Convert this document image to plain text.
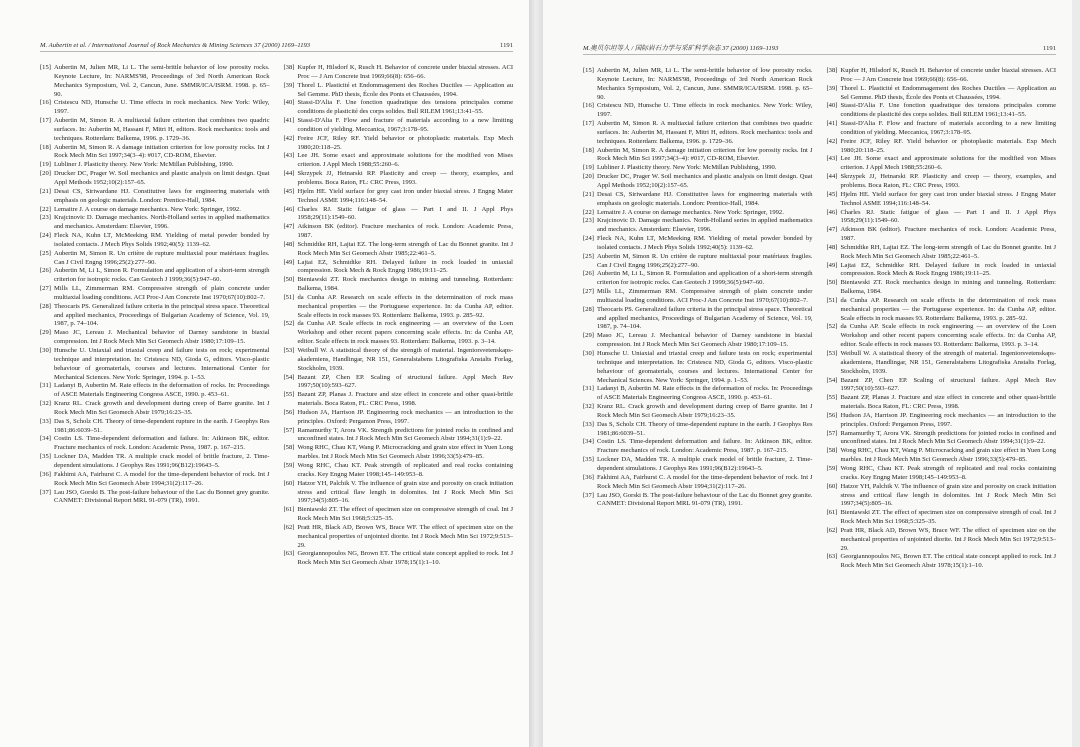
M. Aubertin et al. / International Journal of Rock Mechanics & Mining Sciences 37 (2000) 1169–1193	1191

[15] Aubertin M, Julien MR, Li L. The semi-brittle behavior of low porosity rocks. Keynote Lecture, In: NARMS'98, Proceedings of 3rd North American Rock Mechanics Symposium, Vol. 2, Cancun, June. SMMR/ICA/ISRM. 1998. p. 65–90.

[16] Cristescu ND, Hunsche U. Time effects in rock mechanics. New York: Wiley, 1997.

[17] Aubertin M, Simon R. A multiaxial failure criterion that combines two quadric surfaces. In: Aubertin M, Hassani F, Mitri H, editors. Rock mechanics: tools and techniques. Rotterdam: Balkema, 1996. p. 1729–36.

[18] Aubertin M, Simon R. A damage initiation criterion for low porosity rocks. Int J Rock Mech Min Sci 1997;34(3–4): #017, CD-ROM, Elsevier.

[19] Lubliner J. Plasticity theory. New York: McMillan Publishing, 1990.

[20] Drucker DC, Prager W. Soil mechanics and plastic analysis on limit design. Quat Appl Methods 1952;10(2):157–65.

[21] Desai CS, Siriwardane HJ. Constitutive laws for engineering materials with emphasis on geologic materials. London: Prentice-Hall, 1984.

[22] Lemaitre J. A course on damage mechanics. New York: Springer, 1992.

[23] Krajcinovic D. Damage mechanics. North-Holland series in applied mathematics and mechanics. Amsterdam: Elsevier, 1996.

[24] Fleck NA, Kuhn LT, McMeeking RM. Yielding of metal powder bonded by isolated contacts. J Mech Phys Solids 1992;40(5): 1139–62.

[25] Aubertin M, Simon R. Un critère de rupture multiaxial pour matériaux fragiles. Can J Civil Engng 1996;25(2):277–90.

[26] Aubertin M, Li L, Simon R. Formulation and application of a short-term strength criterion for isotropic rocks. Can Geotech J 1999;36(5):947–60.

[27] Mills LL, Zimmerman RM. Compressive strength of plain concrete under multiaxial loading conditions. ACI Proc-J Am Concrete Inst 1970;67(10):802–7.

[28] Theocaris PS. Generalized failure criteria in the principal stress space. Theoretical and applied mechanics, Proceedings of Bulgarian Academy of Science, Vol. 19, 1987, p. 74–104.

[29] Maso JC, Lereau J. Mechanical behavior of Darney sandstone in biaxial compression. Int J Rock Mech Min Sci Geomech Abstr 1980;17:109–15.

[30] Hunsche U. Uniaxial and triaxial creep and failure tests on rock; experimental technique and interpretation. In: Cristescu ND, Gioda G, editors. Visco-plastic behaviour of geomaterials, courses and lectures. International Center for Mechanical Sciences. New York: Springer, 1994. p. 1–53.

[31] Ladanyi B, Aubertin M. Rate effects in the deformation of rocks. In: Proceedings of ASCE Materials Engineering Congress ASCE, 1990. p. 453–61.

[32] Kranz RL. Crack growth and development during creep of Barre granite. Int J Rock Mech Min Sci Geomech Abstr 1979;16:23–35.

[33] Das S, Scholz CH. Theory of time-dependent rupture in the earth. J Geophys Res 1981;86:6039–51.

[34] Costin LS. Time-dependent deformation and failure. In: Atkinson BK, editor. Fracture mechanics of rock. London: Academic Press, 1987. p. 167–215.

[35] Lockner DA, Madden TR. A multiple crack model of brittle fracture, 2. Time-dependent simulations. J Geophys Res 1991;96(B12):19643–5.

[36] Fakhimi AA, Fairhurst C. A model for the time-dependent behavior of rock. Int J Rock Mech Min Sci Geomech Abstr 1994;31(2):117–26.

[37] Lau JSO, Gorski B. The post-failure behaviour of the Lac du Bonnet grey granite. CANMET: Divisional Report MRL 91-079 (TR), 1991.

[38] Kupfer H, Hilsdorf K, Rusch H. Behavior of concrete under biaxial stresses. ACI Proc — J Am Concrete Inst 1969;66(8): 656–66.

[39] Thorel L. Plasticité et Endommagement des Roches Ductiles — Application au Sel Gemme. PhD thesis, École des Ponts et Chaussées, 1994.

[40] Stassi-D'Alia F. Une fonction quadratique des tensions principales comme conditions de plasticité des corps solides. Bull RILEM 1961;13:41–55.

[41] Stassi-D'Alia F. Flow and fracture of materials according to a new limiting condition of yielding. Meccanica, 1967;3:178–95.

[42] Freire JCF, Riley RF. Yield behavior or photoplastic materials. Exp Mech 1980;20:118–25.

[43] Lee JH. Some exact and approximate solutions for the modified von Mises criterion. J Appl Mech 1988;55:260–6.

[44] Skrzypek JJ, Hetnarski RP. Plasticity and creep — theory, examples, and problems. Boca Raton, FL: CRC Press, 1993.

[45] Hjelm HE. Yield surface for grey cast iron under biaxial stress. J Engng Mater Technol ASME 1994;116:148–54.

[46] Charles RJ. Static fatigue of glass — Part I and II. J Appl Phys 1958;29(11):1549–60.

[47] Atkinson BK (editor). Fracture mechanics of rock. London: Academic Press, 1987.

[48] Schmidtke RH, Lajtai EZ. The long-term strength of Lac du Bonnet granite. Int J Rock Mech Min Sci Geomech Abstr 1985;22:461–5.

[49] Lajtai EZ, Schmidtke RH. Delayed failure in rock loaded in uniaxial compression. Rock Mech & Rock Engng 1986;19:11–25.

[50] Bieniawski ZT. Rock mechanics design in mining and tunneling. Rotterdam: Balkema, 1984.

[51] da Cunha AP. Research on scale effects in the determination of rock mass mechanical properties — the Portuguese experience. In: da Cunha AP, editor. Scale effects in rock masses 93. Rotterdam: Balkema, 1993. p. 285–92.

[52] da Cunha AP. Scale effects in rock engineering — an overview of the Loen Workshop and other recent papers concerning scale effects. In: da Cunha AP, editor. Scale effects in rock masses 93. Rotterdam: Balkema, 1993. p. 3–14.

[53] Weibull W. A statistical theory of the strength of material. Ingeniorsvetenskaps-akademiens, Handlingar, NR 151, Generalstabens Litografiska Anstalts Forlag, Stockholm, 1939.

[54] Bazant ZP, Chen EP. Scaling of structural failure. Appl Mech Rev 1997;50(10):593–627.

[55] Bazant ZP, Planas J. Fracture and size effect in concrete and other quasi-brittle materials. Boca Raton, FL: CRC Press, 1998.

[56] Hudson JA, Harrison JP. Engineering rock mechanics — an introduction to the principles. Oxford: Pergamon Press, 1997.

[57] Ramamurthy T, Arora VK. Strength predictions for jointed rocks in confined and unconfined states. Int J Rock Mech Min Sci Geomech Abstr 1994;31(1):9–22.

[58] Wong RHC, Chau KT, Wang P. Microcracking and grain size effect in Yuen Long marbles. Int J Rock Mech Min Sci Geomech Abstr 1996;33(5):479–85.

[59] Wong RHC, Chau KT. Peak strength of replicated and real rocks containing cracks. Key Engng Mater 1998;145–149:953–8.

[60] Hatzor YH, Palchik V. The influence of grain size and porosity on crack initiation stress and critical flaw length in dolomites. Int J Rock Mech Min Sci 1997;34(5):805–16.

[61] Bieniawski ZT. The effect of specimen size on compressive strength of coal. Int J Rock Mech Min Sci 1968;5:325–35.

[62] Pratt HR, Black AD, Brown WS, Brace WF. The effect of specimen size on the mechanical properties of unjointed diorite. Int J Rock Mech Min Sci 1972;9:513–29.

[63] Georgiannopoulos NG, Brown ET. The critical state concept applied to rock. Int J Rock Mech Min Sci Geomech Abstr 1978;15(1):1–10.

M.奥贝尔坦等人 / 国际岩石力学与采矿科学杂志 37 (2000) 1169–1193	1191

[15] Aubertin M, Julien MR, Li L. The semi-brittle behavior of low porosity rocks. Keynote Lecture, In: NARMS'98, Proceedings of 3rd North American Rock Mechanics Symposium, Vol. 2, Cancun, June. SMMR/ICA/ISRM. 1998. p. 65–90.

[16] Cristescu ND, Hunsche U. Time effects in rock mechanics. New York: Wiley, 1997.

[17] Aubertin M, Simon R. A multiaxial failure criterion that combines two quadric surfaces. In: Aubertin M, Hassani F, Mitri H, editors. Rock mechanics: tools and techniques. Rotterdam: Balkema, 1996. p. 1729–36.

[18] Aubertin M, Simon R. A damage initiation criterion for low porosity rocks. Int J Rock Mech Min Sci 1997;34(3–4): #017, CD-ROM, Elsevier.

[19] Lubliner J. Plasticity theory. New York: McMillan Publishing, 1990.

[20] Drucker DC, Prager W. Soil mechanics and plastic analysis on limit design. Quat Appl Methods 1952;10(2):157–65.

[21] Desai CS, Siriwardane HJ. Constitutive laws for engineering materials with emphasis on geologic materials. London: Prentice-Hall, 1984.

[22] Lemaitre J. A course on damage mechanics. New York: Springer, 1992.

[23] Krajcinovic D. Damage mechanics. North-Holland series in applied mathematics and mechanics. Amsterdam: Elsevier, 1996.

[24] Fleck NA, Kuhn LT, McMeeking RM. Yielding of metal powder bonded by isolated contacts. J Mech Phys Solids 1992;40(5): 1139–62.

[25] Aubertin M, Simon R. Un critère de rupture multiaxial pour matériaux fragiles. Can J Civil Engng 1996;25(2):277–90.

[26] Aubertin M, Li L, Simon R. Formulation and application of a short-term strength criterion for isotropic rocks. Can Geotech J 1999;36(5):947–60.

[27] Mills LL, Zimmerman RM. Compressive strength of plain concrete under multiaxial loading conditions. ACI Proc-J Am Concrete Inst 1970;67(10):802–7.

[28] Theocaris PS. Generalized failure criteria in the principal stress space. Theoretical and applied mechanics, Proceedings of Bulgarian Academy of Science, Vol. 19, 1987, p. 74–104.

[29] Maso JC, Lereau J. Mechanical behavior of Darney sandstone in biaxial compression. Int J Rock Mech Min Sci Geomech Abstr 1980;17:109–15.

[30] Hunsche U. Uniaxial and triaxial creep and failure tests on rock; experimental technique and interpretation. In: Cristescu ND, Gioda G, editors. Visco-plastic behaviour of geomaterials, courses and lectures. International Center for Mechanical Sciences. New York: Springer, 1994. p. 1–53.

[31] Ladanyi B, Aubertin M. Rate effects in the deformation of rocks. In: Proceedings of ASCE Materials Engineering Congress ASCE, 1990. p. 453–61.

[32] Kranz RL. Crack growth and development during creep of Barre granite. Int J Rock Mech Min Sci Geomech Abstr 1979;16:23–35.

[33] Das S, Scholz CH. Theory of time-dependent rupture in the earth. J Geophys Res 1981;86:6039–51.

[34] Costin LS. Time-dependent deformation and failure. In: Atkinson BK, editor. Fracture mechanics of rock. London: Academic Press, 1987. p. 167–215.

[35] Lockner DA, Madden TR. A multiple crack model of brittle fracture, 2. Time-dependent simulations. J Geophys Res 1991;96(B12):19643–5.

[36] Fakhimi AA, Fairhurst C. A model for the time-dependent behavior of rock. Int J Rock Mech Min Sci Geomech Abstr 1994;31(2):117–26.

[37] Lau JSO, Gorski B. The post-failure behaviour of the Lac du Bonnet grey granite. CANMET: Divisional Report MRL 91-079 (TR), 1991.

[38] Kupfer H, Hilsdorf K, Rusch H. Behavior of concrete under biaxial stresses. ACI Proc — J Am Concrete Inst 1969;66(8): 656–66.

[39] Thorel L. Plasticité et Endommagement des Roches Ductiles — Application au Sel Gemme. PhD thesis, École des Ponts et Chaussées, 1994.

[40] Stassi-D'Alia F. Une fonction quadratique des tensions principales comme conditions de plasticité des corps solides. Bull RILEM 1961;13:41–55.

[41] Stassi-D'Alia F. Flow and fracture of materials according to a new limiting condition of yielding. Meccanica, 1967;3:178–95.

[42] Freire JCF, Riley RF. Yield behavior or photoplastic materials. Exp Mech 1980;20:118–25.

[43] Lee JH. Some exact and approximate solutions for the modified von Mises criterion. J Appl Mech 1988;55:260–6.

[44] Skrzypek JJ, Hetnarski RP. Plasticity and creep — theory, examples, and problems. Boca Raton, FL: CRC Press, 1993.

[45] Hjelm HE. Yield surface for grey cast iron under biaxial stress. J Engng Mater Technol ASME 1994;116:148–54.

[46] Charles RJ. Static fatigue of glass — Part I and II. J Appl Phys 1958;29(11):1549–60.

[47] Atkinson BK (editor). Fracture mechanics of rock. London: Academic Press, 1987.

[48] Schmidtke RH, Lajtai EZ. The long-term strength of Lac du Bonnet granite. Int J Rock Mech Min Sci Geomech Abstr 1985;22:461–5.

[49] Lajtai EZ, Schmidtke RH. Delayed failure in rock loaded in uniaxial compression. Rock Mech & Rock Engng 1986;19:11–25.

[50] Bieniawski ZT. Rock mechanics design in mining and tunneling. Rotterdam: Balkema, 1984.

[51] da Cunha AP. Research on scale effects in the determination of rock mass mechanical properties — the Portuguese experience. In: da Cunha AP, editor. Scale effects in rock masses 93. Rotterdam: Balkema, 1993. p. 285–92.

[52] da Cunha AP. Scale effects in rock engineering — an overview of the Loen Workshop and other recent papers concerning scale effects. In: da Cunha AP, editor. Scale effects in rock masses 93. Rotterdam: Balkema, 1993. p. 3–14.

[53] Weibull W. A statistical theory of the strength of material. Ingeniorsvetenskaps-akademiens, Handlingar, NR 151, Generalstabens Litografiska Anstalts Forlag, Stockholm, 1939.

[54] Bazant ZP, Chen EP. Scaling of structural failure. Appl Mech Rev 1997;50(10):593–627.

[55] Bazant ZP, Planas J. Fracture and size effect in concrete and other quasi-brittle materials. Boca Raton, FL: CRC Press, 1998.

[56] Hudson JA, Harrison JP. Engineering rock mechanics — an introduction to the principles. Oxford: Pergamon Press, 1997.

[57] Ramamurthy T, Arora VK. Strength predictions for jointed rocks in confined and unconfined states. Int J Rock Mech Min Sci Geomech Abstr 1994;31(1):9–22.

[58] Wong RHC, Chau KT, Wang P. Microcracking and grain size effect in Yuen Long marbles. Int J Rock Mech Min Sci Geomech Abstr 1996;33(5):479–85.

[59] Wong RHC, Chau KT. Peak strength of replicated and real rocks containing cracks. Key Engng Mater 1998;145–149:953–8.

[60] Hatzor YH, Palchik V. The influence of grain size and porosity on crack initiation stress and critical flaw length in dolomites. Int J Rock Mech Min Sci 1997;34(5):805–16.

[61] Bieniawski ZT. The effect of specimen size on compressive strength of coal. Int J Rock Mech Min Sci 1968;5:325–35.

[62] Pratt HR, Black AD, Brown WS, Brace WF. The effect of specimen size on the mechanical properties of unjointed diorite. Int J Rock Mech Min Sci 1972;9:513–29.

[63] Georgiannopoulos NG, Brown ET. The critical state concept applied to rock. Int J Rock Mech Min Sci Geomech Abstr 1978;15(1):1–10.
